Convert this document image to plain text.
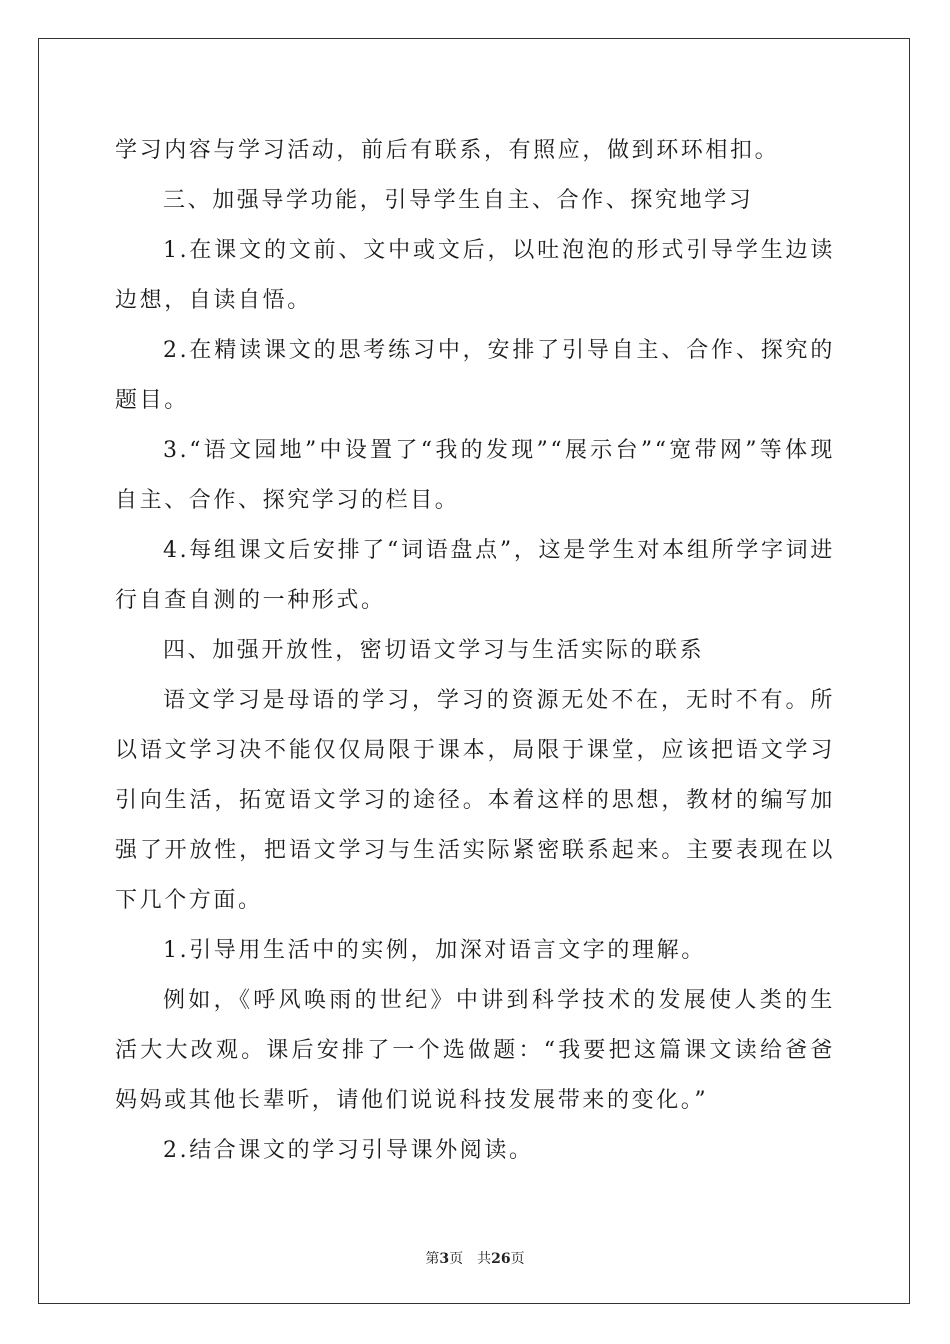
学习内容与学习活动，前后有联系，有照应，做到环环相扣。

三、加强导学功能，引导学生自主、合作、探究地学习

1.在课文的文前、文中或文后，以吐泡泡的形式引导学生边读边想，自读自悟。

2.在精读课文的思考练习中，安排了引导自主、合作、探究的题目。

3.“语文园地”中设置了“我的发现”“展示台”“宽带网”等体现自主、合作、探究学习的栏目。

4.每组课文后安排了“词语盘点”，这是学生对本组所学字词进行自查自测的一种形式。

四、加强开放性，密切语文学习与生活实际的联系

语文学习是母语的学习，学习的资源无处不在，无时不有。所以语文学习决不能仅仅局限于课本，局限于课堂，应该把语文学习引向生活，拓宽语文学习的途径。本着这样的思想，教材的编写加强了开放性，把语文学习与生活实际紧密联系起来。主要表现在以下几个方面。

1.引导用生活中的实例，加深对语言文字的理解。

例如，《呼风唤雨的世纪》中讲到科学技术的发展使人类的生活大大改观。课后安排了一个选做题：“我要把这篇课文读给爸爸妈妈或其他长辈听，请他们说说科技发展带来的变化。”

2.结合课文的学习引导课外阅读。

第3页 共26页
